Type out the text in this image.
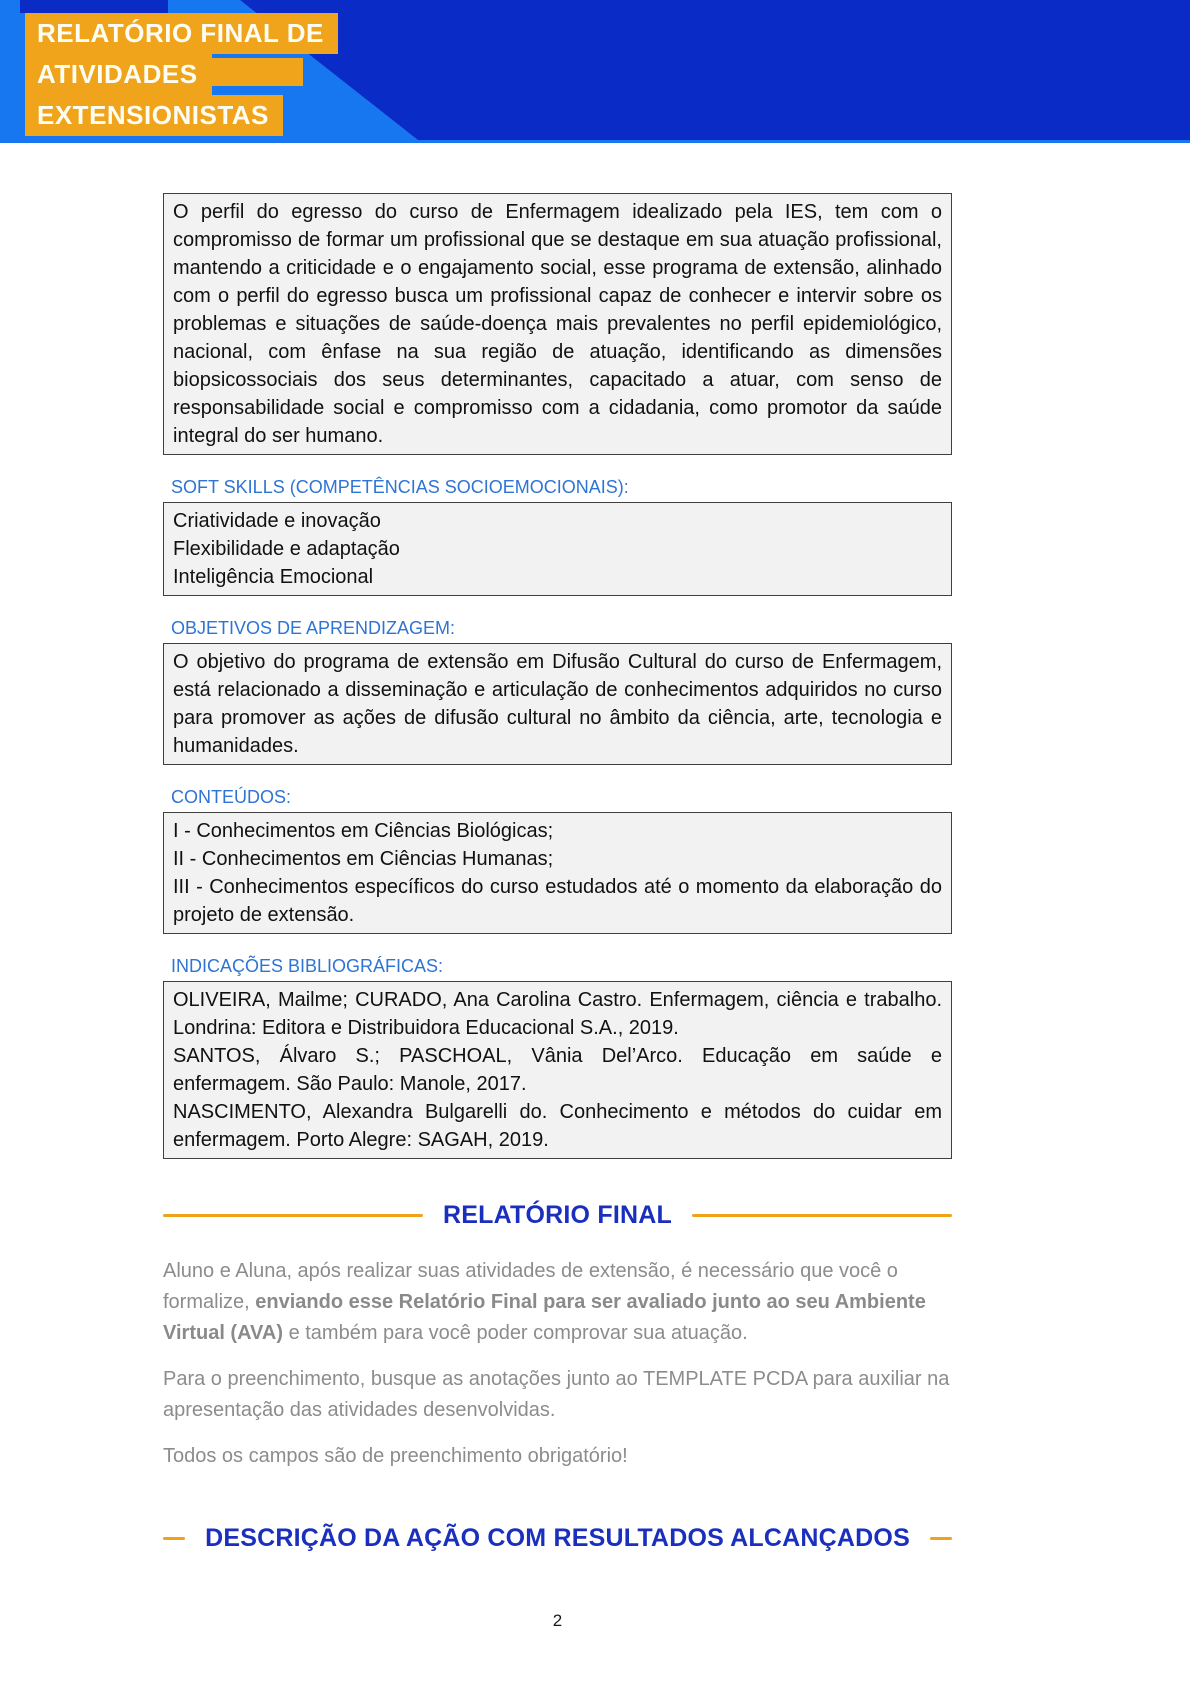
RELATÓRIO FINAL DE
ATIVIDADES
EXTENSIONISTAS
O perfil do egresso do curso de Enfermagem idealizado pela IES, tem com o compromisso de formar um profissional que se destaque em sua atuação profissional, mantendo a criticidade e o engajamento social, esse programa de extensão, alinhado com o perfil do egresso busca um profissional capaz de conhecer e intervir sobre os problemas e situações de saúde-doença mais prevalentes no perfil epidemiológico, nacional, com ênfase na sua região de atuação, identificando as dimensões biopsicossociais dos seus determinantes, capacitado a atuar, com senso de responsabilidade social e compromisso com a cidadania, como promotor da saúde integral do ser humano.
SOFT SKILLS (COMPETÊNCIAS SOCIOEMOCIONAIS):
Criatividade e inovação
Flexibilidade e adaptação
Inteligência Emocional
OBJETIVOS DE APRENDIZAGEM:
O objetivo do programa de extensão em Difusão Cultural do curso de Enfermagem, está relacionado a disseminação e articulação de conhecimentos adquiridos no curso para promover as ações de difusão cultural no âmbito da ciência, arte, tecnologia e humanidades.
CONTEÚDOS:
I - Conhecimentos em Ciências Biológicas;
II - Conhecimentos em Ciências Humanas;
III - Conhecimentos específicos do curso estudados até o momento da elaboração do projeto de extensão.
INDICAÇÕES BIBLIOGRÁFICAS:
OLIVEIRA, Mailme; CURADO, Ana Carolina Castro. Enfermagem, ciência e trabalho. Londrina: Editora e Distribuidora Educacional S.A., 2019.
SANTOS, Álvaro S.; PASCHOAL, Vânia Del’Arco. Educação em saúde e enfermagem. São Paulo: Manole, 2017.
NASCIMENTO, Alexandra Bulgarelli do. Conhecimento e métodos do cuidar em enfermagem. Porto Alegre: SAGAH, 2019.
RELATÓRIO FINAL

Aluno e Aluna, após realizar suas atividades de extensão, é necessário que você o formalize, enviando esse Relatório Final para ser avaliado junto ao seu Ambiente Virtual (AVA) e também para você poder comprovar sua atuação.

Para o preenchimento, busque as anotações junto ao TEMPLATE PCDA para auxiliar na apresentação das atividades desenvolvidas.

Todos os campos são de preenchimento obrigatório!

DESCRIÇÃO DA AÇÃO COM RESULTADOS ALCANÇADOS
2
